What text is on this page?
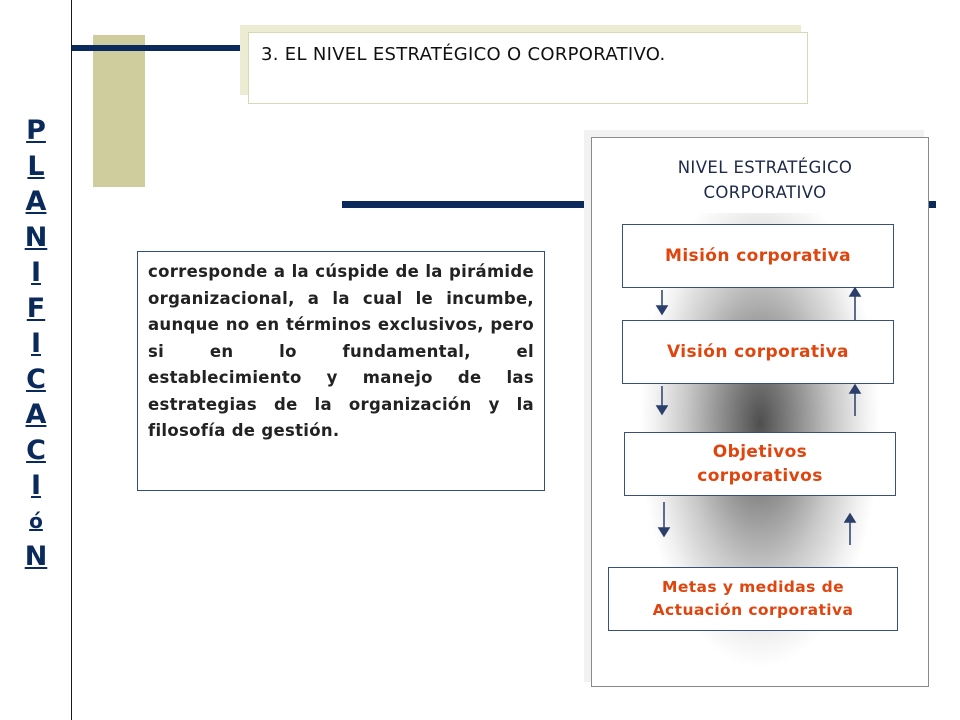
P
L
A
N
I
F
I
C
A
C
I
ó
N
3. EL NIVEL ESTRATÉGICO O CORPORATIVO.
corresponde a la cúspide de la pirámide organizacional, a la cual le incumbe, aunque no en términos exclusivos, pero si en lo fundamental, el establecimiento y manejo de las estrategias de la organización y la filosofía de gestión.
NIVEL ESTRATÉGICO
CORPORATIVO
Misión corporativa
Visión corporativa
Objetivos
corporativos
Metas y medidas de
Actuación corporativa
